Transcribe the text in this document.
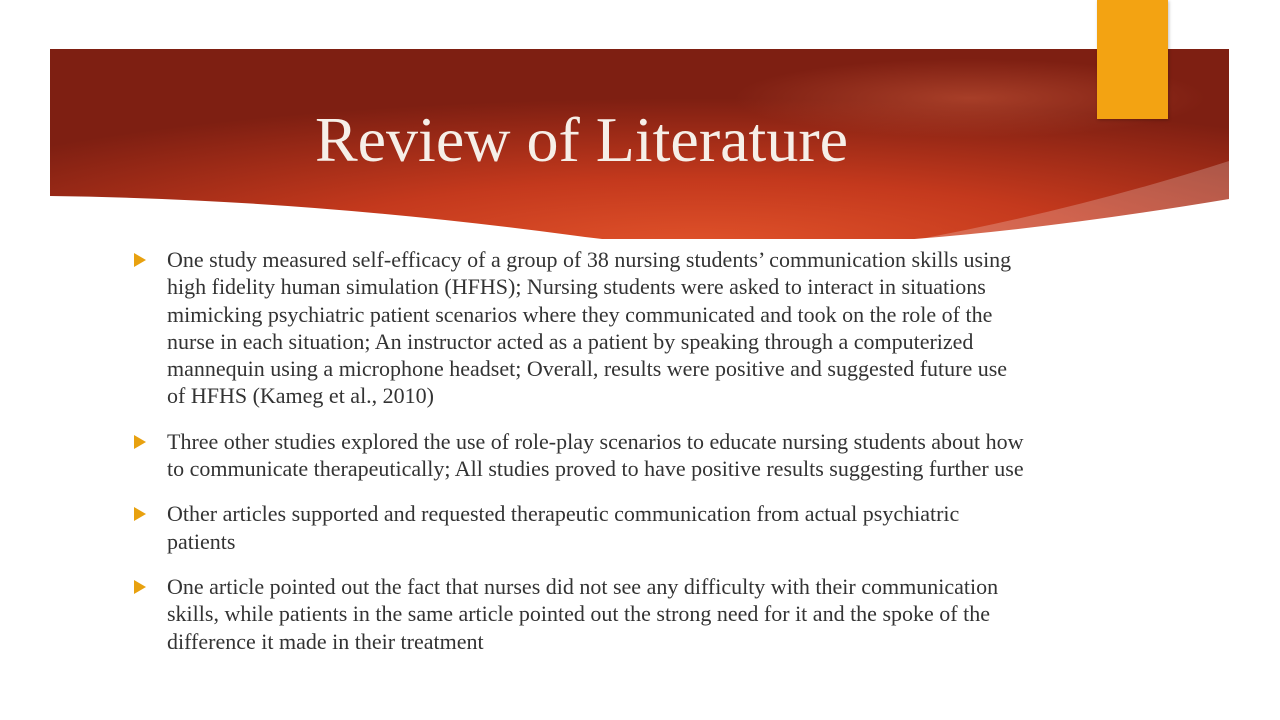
Review of Literature
One study measured self-efficacy of a group of 38 nursing students’ communication skills using high fidelity human simulation (HFHS); Nursing students were asked to interact in situations mimicking psychiatric patient scenarios where they communicated and took on the role of the nurse in each situation; An instructor acted as a patient by speaking through a computerized mannequin using a microphone headset; Overall, results were positive and suggested future use of HFHS (Kameg et al., 2010)
Three other studies explored the use of role-play scenarios to educate nursing students about how to communicate therapeutically; All studies proved to have positive results suggesting further use
Other articles supported and requested therapeutic communication from actual psychiatric patients
One article pointed out the fact that nurses did not see any difficulty with their communication skills, while patients in the same article pointed out the strong need for it and the spoke of the difference it made in their treatment
